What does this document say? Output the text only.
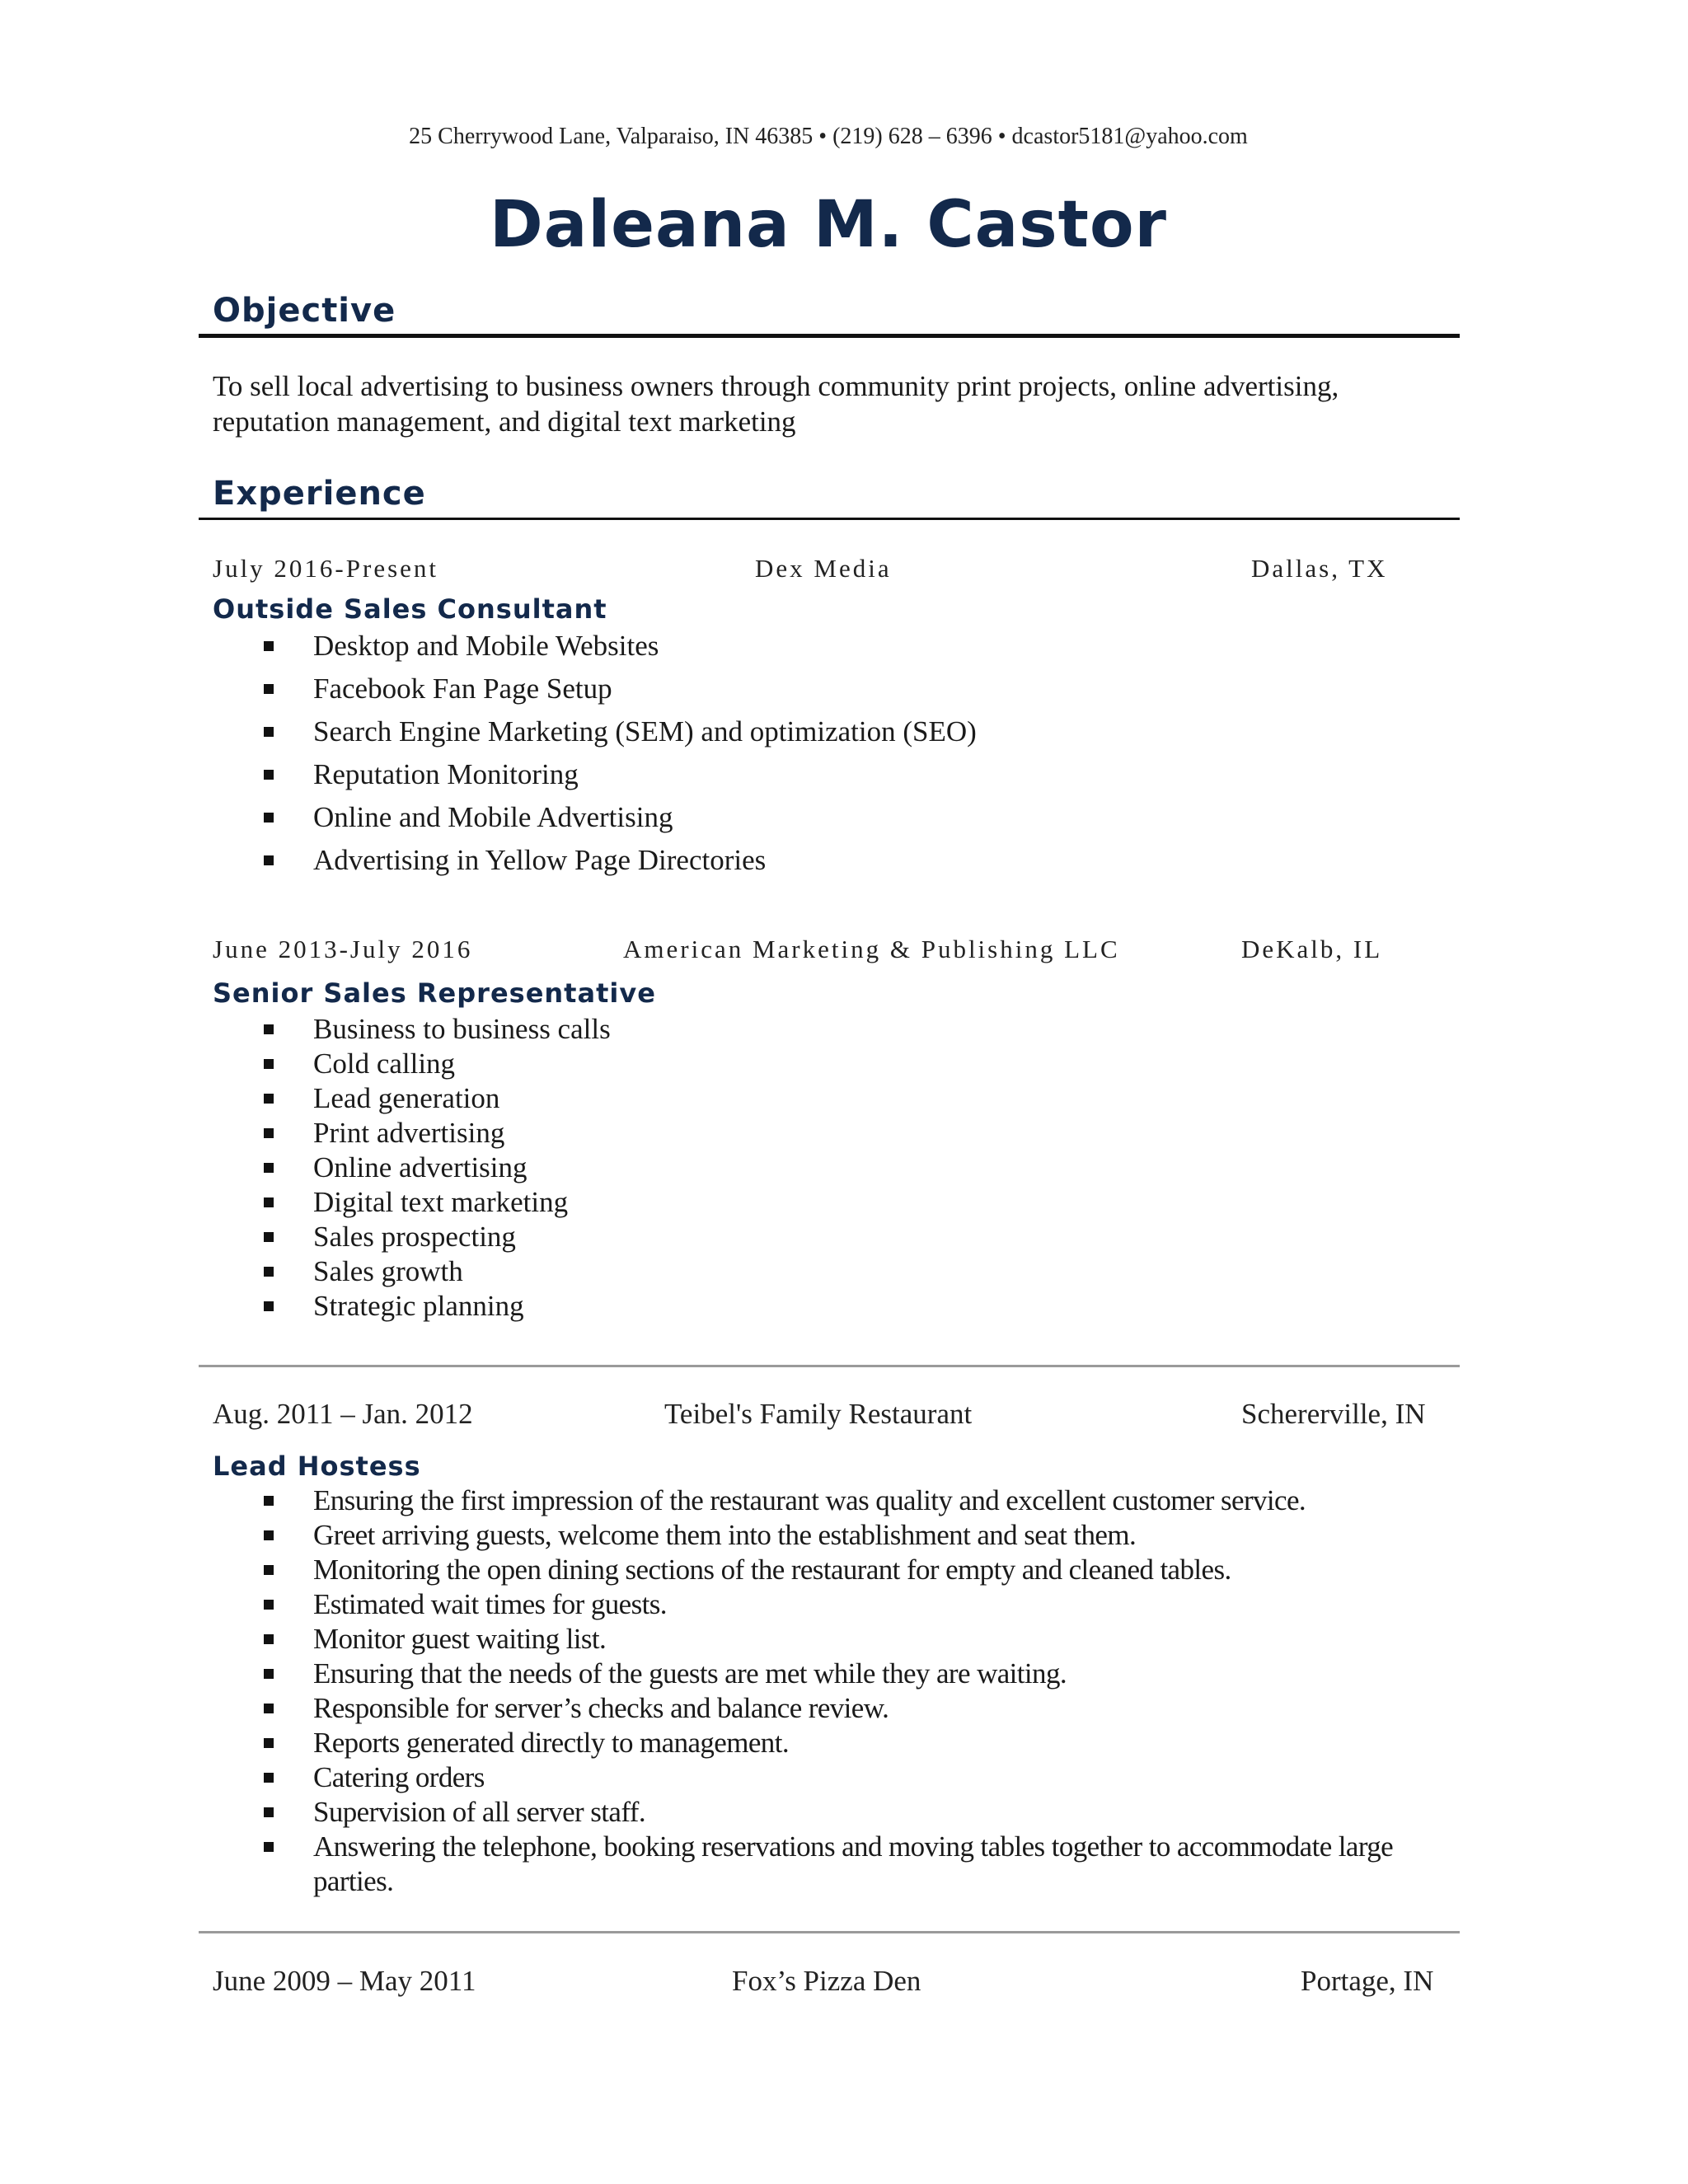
25 Cherrywood Lane, Valparaiso, IN 46385 • (219) 628 – 6396 • dcastor5181@yahoo.com
Daleana M. Castor
Objective
To sell local advertising to business owners through community print projects, online advertising, reputation management, and digital text marketing
Experience
July 2016-Present	Dex Media	Dallas, TX
Outside Sales Consultant
Desktop and Mobile Websites
Facebook Fan Page Setup
Search Engine Marketing (SEM) and optimization (SEO)
Reputation Monitoring
Online and Mobile Advertising
Advertising in Yellow Page Directories
June 2013-July 2016	American Marketing & Publishing LLC	DeKalb, IL
Senior Sales Representative
Business to business calls
Cold calling
Lead generation
Print advertising
Online advertising
Digital text marketing
Sales prospecting
Sales growth
Strategic planning
Aug. 2011 – Jan. 2012	Teibel's Family Restaurant	Schererville, IN
Lead Hostess
Ensuring the first impression of the restaurant was quality and excellent customer service.
Greet arriving guests, welcome them into the establishment and seat them.
Monitoring the open dining sections of the restaurant for empty and cleaned tables.
Estimated wait times for guests.
Monitor guest waiting list.
Ensuring that the needs of the guests are met while they are waiting.
Responsible for server’s checks and balance review.
Reports generated directly to management.
Catering orders
Supervision of all server staff.
Answering the telephone, booking reservations and moving tables together to accommodate large parties.
June 2009 – May 2011	Fox’s Pizza Den	Portage, IN
